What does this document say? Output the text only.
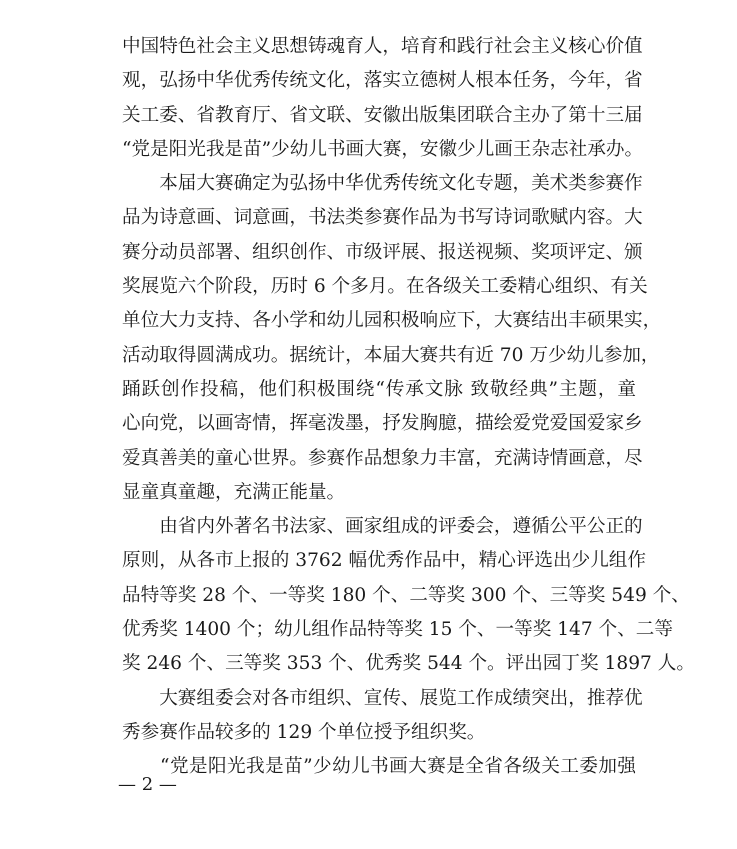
中国特色社会主义思想铸魂育人，培育和践行社会主义核心价值
观，弘扬中华优秀传统文化，落实立德树人根本任务，今年，省
关工委、省教育厅、省文联、安徽出版集团联合主办了第十三届
“党是阳光我是苗”少幼儿书画大赛，安徽少儿画王杂志社承办。
　　本届大赛确定为弘扬中华优秀传统文化专题，美术类参赛作
品为诗意画、词意画，书法类参赛作品为书写诗词歌赋内容。大
赛分动员部署、组织创作、市级评展、报送视频、奖项评定、颁
奖展览六个阶段，历时 6 个多月。在各级关工委精心组织、有关
单位大力支持、各小学和幼儿园积极响应下，大赛结出丰硕果实，
活动取得圆满成功。据统计，本届大赛共有近 70 万少幼儿参加，
踊跃创作投稿，他们积极围绕“传承文脉 致敬经典”主题，童
心向党，以画寄情，挥毫泼墨，抒发胸臆，描绘爱党爱国爱家乡
爱真善美的童心世界。参赛作品想象力丰富，充满诗情画意，尽
显童真童趣，充满正能量。
　　由省内外著名书法家、画家组成的评委会，遵循公平公正的
原则，从各市上报的 3762 幅优秀作品中，精心评选出少儿组作
品特等奖 28 个、一等奖 180 个、二等奖 300 个、三等奖 549 个、
优秀奖 1400 个；幼儿组作品特等奖 15 个、一等奖 147 个、二等
奖 246 个、三等奖 353 个、优秀奖 544 个。评出园丁奖 1897 人。
　　大赛组委会对各市组织、宣传、展览工作成绩突出，推荐优
秀参赛作品较多的 129 个单位授予组织奖。
　　“党是阳光我是苗”少幼儿书画大赛是全省各级关工委加强
— 2 —
